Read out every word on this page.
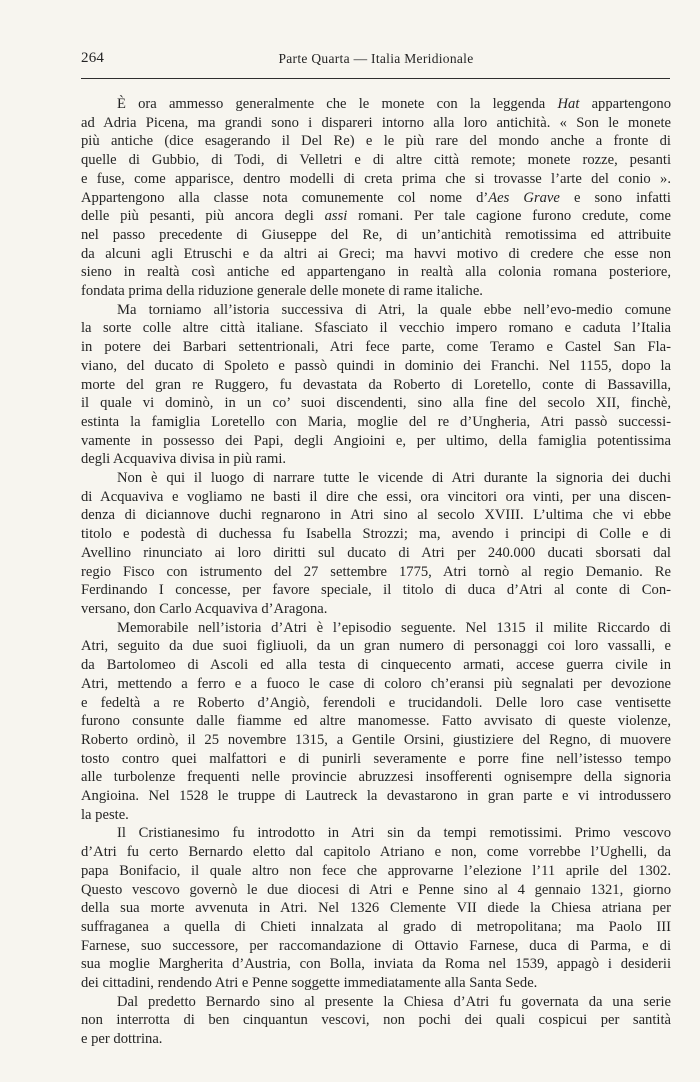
264	Parte Quarta — Italia Meridionale
È ora ammesso generalmente che le monete con la leggenda Hat appartengono
ad Adria Picena, ma grandi sono i dispareri intorno alla loro antichità. « Son le monete
più antiche (dice esagerando il Del Re) e le più rare del mondo anche a fronte di
quelle di Gubbio, di Todi, di Velletri e di altre città remote; monete rozze, pesanti
e fuse, come apparisce, dentro modelli di creta prima che si trovasse l’arte del conio ».
Appartengono alla classe nota comunemente col nome d’Aes Grave e sono infatti
delle più pesanti, più ancora degli assi romani. Per tale cagione furono credute, come
nel passo precedente di Giuseppe del Re, di un’antichità remotissima ed attribuite
da alcuni agli Etruschi e da altri ai Greci; ma havvi motivo di credere che esse non
sieno in realtà così antiche ed appartengano in realtà alla colonia romana posteriore,
fondata prima della riduzione generale delle monete di rame italiche.
Ma torniamo all’istoria successiva di Atri, la quale ebbe nell’evo-medio comune
la sorte colle altre città italiane. Sfasciato il vecchio impero romano e caduta l’Italia
in potere dei Barbari settentrionali, Atri fece parte, come Teramo e Castel San Fla-
viano, del ducato di Spoleto e passò quindi in dominio dei Franchi. Nel 1155, dopo la
morte del gran re Ruggero, fu devastata da Roberto di Loretello, conte di Bassavilla,
il quale vi dominò, in un co’ suoi discendenti, sino alla fine del secolo XII, finchè,
estinta la famiglia Loretello con Maria, moglie del re d’Ungheria, Atri passò successi-
vamente in possesso dei Papi, degli Angioini e, per ultimo, della famiglia potentissima
degli Acquaviva divisa in più rami.
Non è qui il luogo di narrare tutte le vicende di Atri durante la signoria dei duchi
di Acquaviva e vogliamo ne basti il dire che essi, ora vincitori ora vinti, per una discen-
denza di diciannove duchi regnarono in Atri sino al secolo XVIII. L’ultima che vi ebbe
titolo e podestà di duchessa fu Isabella Strozzi; ma, avendo i principi di Colle e di
Avellino rinunciato ai loro diritti sul ducato di Atri per 240.000 ducati sborsati dal
regio Fisco con istrumento del 27 settembre 1775, Atri tornò al regio Demanio. Re
Ferdinando I concesse, per favore speciale, il titolo di duca d’Atri al conte di Con-
versano, don Carlo Acquaviva d’Aragona.
Memorabile nell’istoria d’Atri è l’episodio seguente. Nel 1315 il milite Riccardo di
Atri, seguito da due suoi figliuoli, da un gran numero di personaggi coi loro vassalli, e
da Bartolomeo di Ascoli ed alla testa di cinquecento armati, accese guerra civile in
Atri, mettendo a ferro e a fuoco le case di coloro ch’eransi più segnalati per devozione
e fedeltà a re Roberto d’Angiò, ferendoli e trucidandoli. Delle loro case ventisette
furono consunte dalle fiamme ed altre manomesse. Fatto avvisato di queste violenze,
Roberto ordinò, il 25 novembre 1315, a Gentile Orsini, giustiziere del Regno, di muovere
tosto contro quei malfattori e di punirli severamente e porre fine nell’istesso tempo
alle turbolenze frequenti nelle provincie abruzzesi insofferenti ognisempre della signoria
Angioina. Nel 1528 le truppe di Lautreck la devastarono in gran parte e vi introdussero
la peste.
Il Cristianesimo fu introdotto in Atri sin da tempi remotissimi. Primo vescovo
d’Atri fu certo Bernardo eletto dal capitolo Atriano e non, come vorrebbe l’Ughelli, da
papa Bonifacio, il quale altro non fece che approvarne l’elezione l’11 aprile del 1302.
Questo vescovo governò le due diocesi di Atri e Penne sino al 4 gennaio 1321, giorno
della sua morte avvenuta in Atri. Nel 1326 Clemente VII diede la Chiesa atriana per
suffraganea a quella di Chieti innalzata al grado di metropolitana; ma Paolo III
Farnese, suo successore, per raccomandazione di Ottavio Farnese, duca di Parma, e di
sua moglie Margherita d’Austria, con Bolla, inviata da Roma nel 1539, appagò i desiderii
dei cittadini, rendendo Atri e Penne soggette immediatamente alla Santa Sede.
Dal predetto Bernardo sino al presente la Chiesa d’Atri fu governata da una serie
non interrotta di ben cinquantun vescovi, non pochi dei quali cospicui per santità
e per dottrina.
